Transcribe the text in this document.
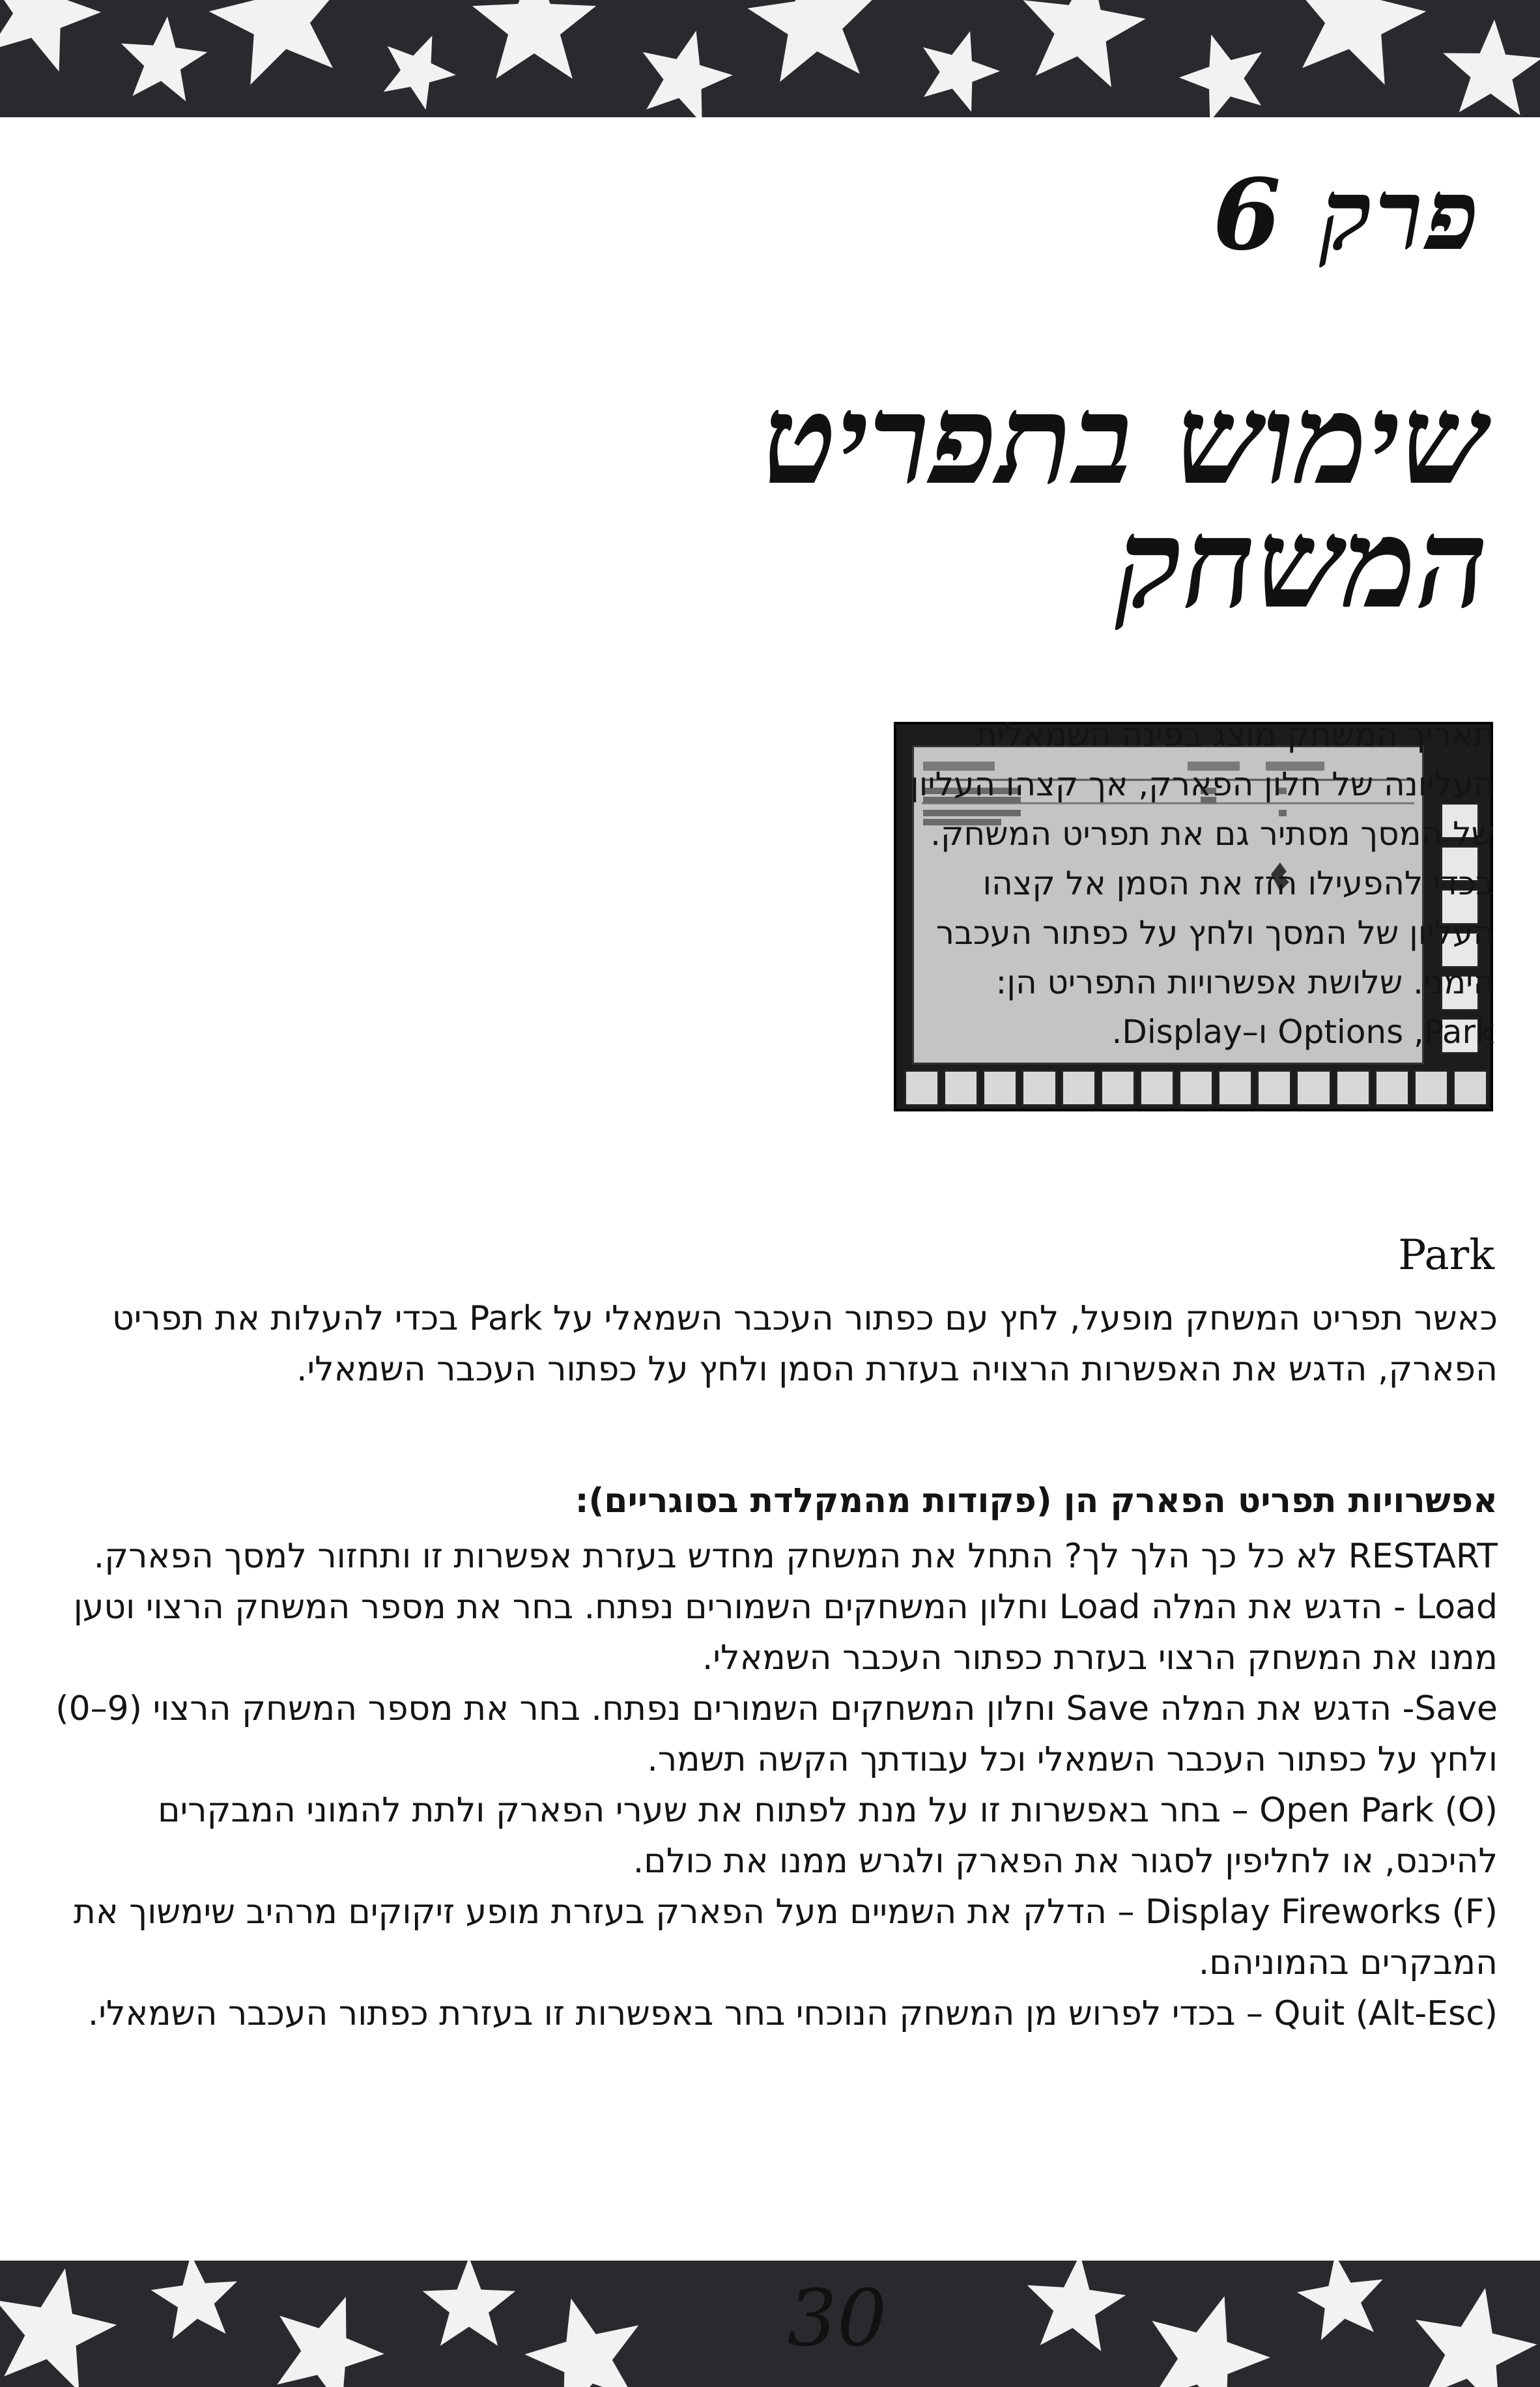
פרק 6
שימוש בתפריט המשחק

תאריך המשחק מוצג בפינה השמאלית העליונה של חלון הפארק, אך קצהו העליון של המסך מסתיר גם את תפריט המשחק. בכדי להפעילו הזז את הסמן אל קצהו העליון של המסך ולחץ על כפתור העכבר הימני. שלושת אפשרויות התפריט הן: Options ,Park ו–Display.

Park

כאשר תפריט המשחק מופעל, לחץ עם כפתור העכבר השמאלי על Park בכדי להעלות את תפריט הפארק, הדגש את האפשרות הרצויה בעזרת הסמן ולחץ על כפתור העכבר השמאלי.

אפשרויות תפריט הפארק הן (פקודות מהמקלדת בסוגריים):

RESTART לא כל כך הלך לך? התחל את המשחק מחדש בעזרת אפשרות זו ותחזור למסך הפארק.

Load - הדגש את המלה Load וחלון המשחקים השמורים נפתח. בחר את מספר המשחק הרצוי וטען ממנו את המשחק הרצוי בעזרת כפתור העכבר השמאלי.

Save- הדגש את המלה Save וחלון המשחקים השמורים נפתח. בחר את מספר המשחק הרצוי (9–0) ולחץ על כפתור העכבר השמאלי וכל עבודתך הקשה תשמר.

Open Park (O) – בחר באפשרות זו על מנת לפתוח את שערי הפארק ולתת להמוני המבקרים להיכנס, או לחליפין לסגור את הפארק ולגרש ממנו את כולם.

Display Fireworks (F) – הדלק את השמיים מעל הפארק בעזרת מופע זיקוקים מרהיב שימשוך את המבקרים בהמוניהם.

Quit (Alt-Esc) – בכדי לפרוש מן המשחק הנוכחי בחר באפשרות זו בעזרת כפתור העכבר השמאלי.

30
